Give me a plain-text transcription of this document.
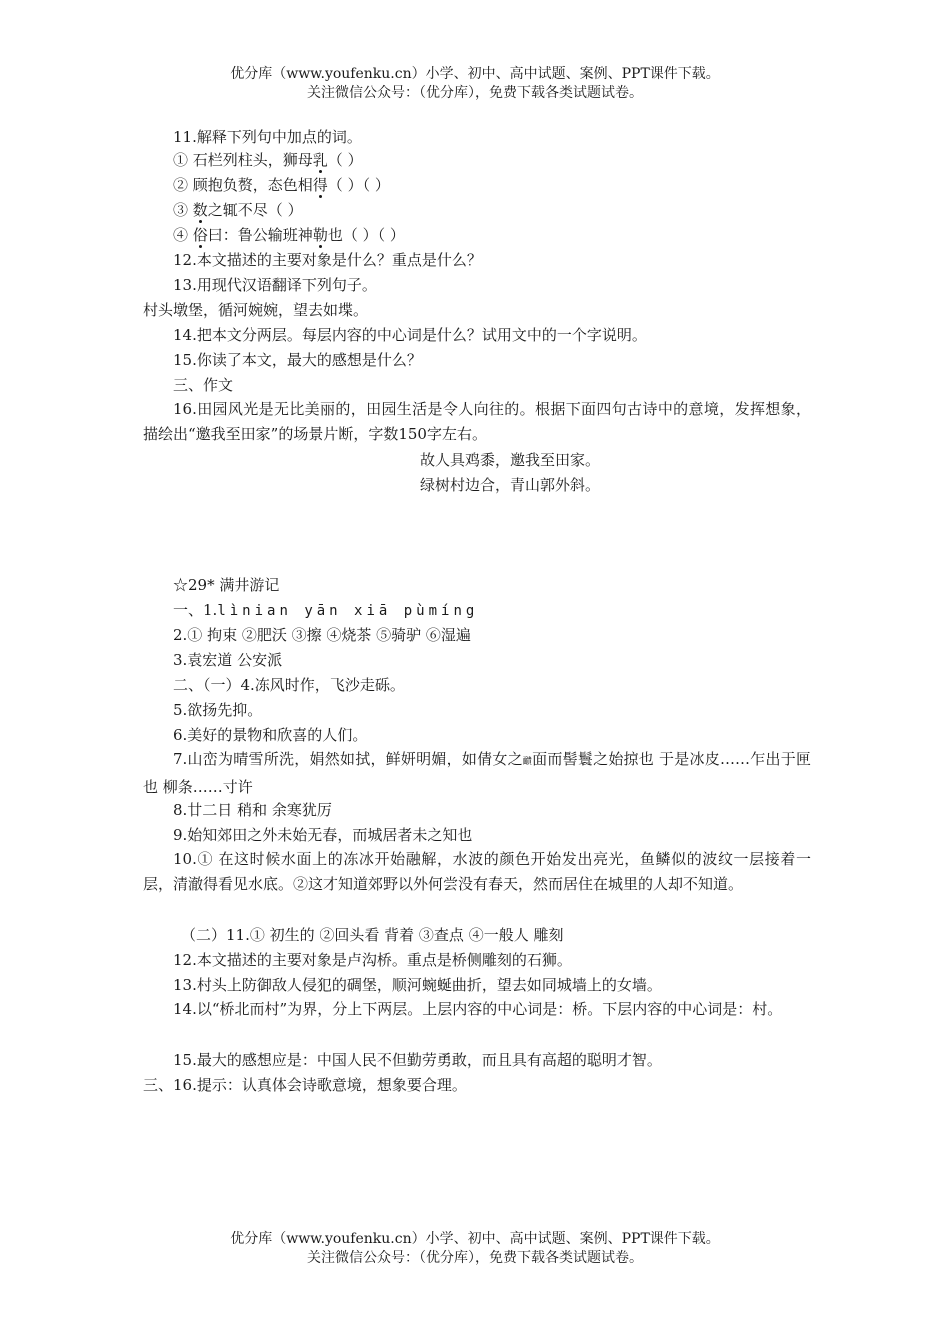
优分库（www.youfenku.cn）小学、初中、高中试题、案例、PPT课件下载。
关注微信公众号：（优分库），免费下载各类试题试卷。
11.解释下列句中加点的词。
① 石栏列柱头，狮母乳（ ）
② 顾抱负赘，态色相得（ ）（ ）
③ 数之辄不尽（ ）
④ 俗曰：鲁公输班神勒也（ ）（ ）
12.本文描述的主要对象是什么？重点是什么？
13.用现代汉语翻译下列句子。
村头墩堡，循河婉婉，望去如堞。
14.把本文分两层。每层内容的中心词是什么？试用文中的一个字说明。
15.你读了本文，最大的感想是什么？
三、作文
16.田园风光是无比美丽的，田园生活是令人向往的。根据下面四句古诗中的意境，发挥想象，描绘出“邀我至田家”的场景片断，字数150字左右。
故人具鸡黍，邀我至田家。
绿树村边合，青山郭外斜。
☆29* 满井游记
一、1.lìnian yān xiā pùmíng
2.① 拘束 ②肥沃 ③擦 ④烧茶 ⑤骑驴 ⑥湿遍
3.袁宏道 公安派
二、（一）4.冻风时作，飞沙走砾。
5.欲扬先抑。
6.美好的景物和欣喜的人们。
7.山峦为晴雪所洗，娟然如拭，鲜妍明媚，如倩女之靧面而髻鬟之始掠也 于是冰皮……乍出于匣也 柳条……寸许
8.廿二日 稍和 余寒犹厉
9.始知郊田之外未始无春，而城居者未之知也
10.① 在这时候水面上的冻冰开始融解，水波的颜色开始发出亮光，鱼鳞似的波纹一层接着一层，清澈得看见水底。②这才知道郊野以外何尝没有春天，然而居住在城里的人却不知道。
（二）11.① 初生的 ②回头看 背着 ③查点 ④一般人 雕刻
12.本文描述的主要对象是卢沟桥。重点是桥侧雕刻的石狮。
13.村头上防御敌人侵犯的碉堡，顺河蜿蜒曲折，望去如同城墙上的女墙。
14.以“桥北而村”为界，分上下两层。上层内容的中心词是：桥。下层内容的中心词是：村。
15.最大的感想应是：中国人民不但勤劳勇敢，而且具有高超的聪明才智。
三、16.提示：认真体会诗歌意境，想象要合理。
优分库（www.youfenku.cn）小学、初中、高中试题、案例、PPT课件下载。
关注微信公众号：（优分库），免费下载各类试题试卷。
